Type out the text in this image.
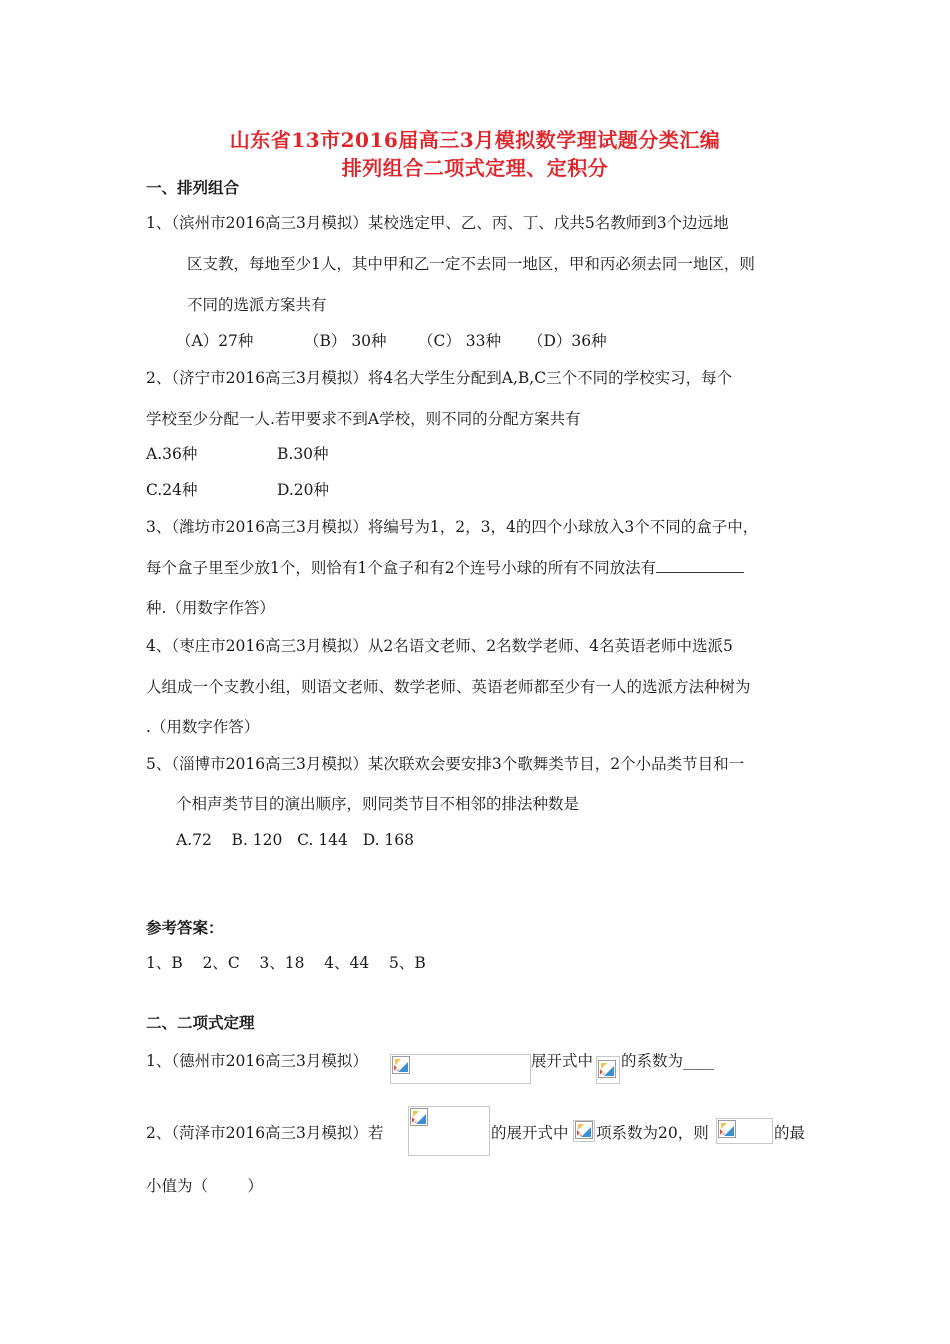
山东省13市2016届高三3月模拟数学理试题分类汇编
排列组合二项式定理、定积分
一、排列组合
1、（滨州市2016高三3月模拟）某校选定甲、乙、丙、丁、戊共5名教师到3个边远地
区支教，每地至少1人，其中甲和乙一定不去同一地区，甲和丙必须去同一地区，则
不同的选派方案共有
（A）27种	（B） 30种 （C） 33种 （D）36种
2、（济宁市2016高三3月模拟）将4名大学生分配到A,B,C三个不同的学校实习，每个
学校至少分配一人.若甲要求不到A学校，则不同的分配方案共有
A.36种	B.30种
C.24种	D.20种
3、（潍坊市2016高三3月模拟）将编号为1，2，3，4的四个小球放入3个不同的盒子中，
每个盒子里至少放1个，则恰有1个盒子和有2个连号小球的所有不同放法有
种.（用数字作答）
4、（枣庄市2016高三3月模拟）从2名语文老师、2名数学老师、4名英语老师中选派5
人组成一个支教小组，则语文老师、数学老师、英语老师都至少有一人的选派方法种树为
.（用数字作答）
5、（淄博市2016高三3月模拟）某次联欢会要安排3个歌舞类节目，2个小品类节目和一
个相声类节目的演出顺序，则同类节目不相邻的排法种数是
A.72    B. 120   C. 144   D. 168
参考答案：
1、B    2、C    3、18    4、44    5、B
二、二项式定理
1、（德州市2016高三3月模拟）	展开式中 的系数为____
2、（菏泽市2016高三3月模拟）若	的展开式中 项系数为20，则	的最
小值为（        ）
